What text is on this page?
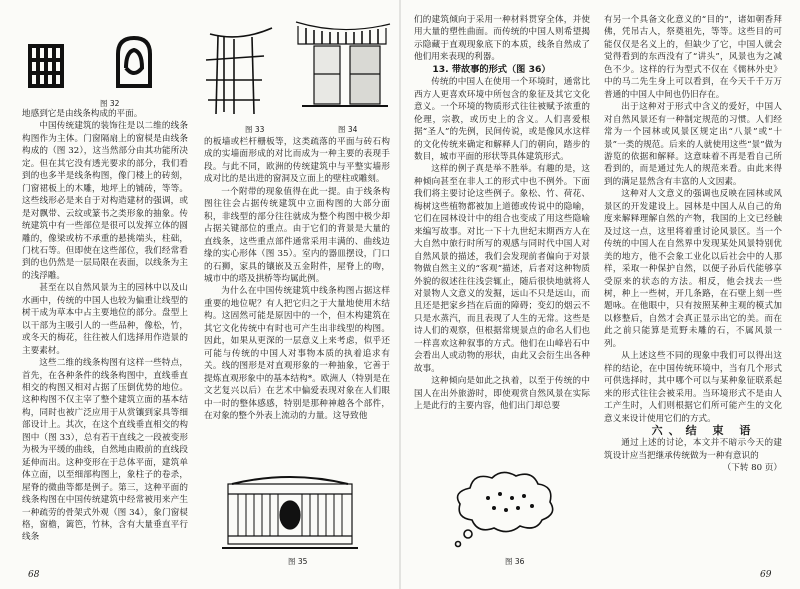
图 32
图 33	图 34

地感到它是由线条构成的平面。

中国传统建筑的装饰往是以二维的线条构图作为主体。门窗隔扇上的窗棂是由线条构成的（图 32），这当然部分由其功能所决定。但在其它没有透光要求的部分，我们看到的也多半是线条构图，像门楼上的砖刻，门窗裙板上的木雕，地坪上的铺砖，等等。这些线形必是来自于对构造建材的强调，或是对飘带、云纹或篆书之类形象的抽象。传统建筑中有一些部位是很可以发挥立体的圆雕的，像梁或枋不承重的悬挑端头，柱础，门枕石等。但即使在这些部位，我们经常看到的也仍然是一层局限在表面，以线条为主的浅浮雕。

甚至在以自然风景为主的园林中以及山水画中，传统的中国人也较为偏重让线型的树干成为草本中占主要地位的部分。盘型上以干部为主吸引人的一些品种，像松，竹，或冬天的梅花，往往被人们选择用作造景的主要素材。

这些二维的线条构图有这样一些特点，首先，在各种条件的线条构图中，直线垂直相交的构图又相对占据了压倒优势的地位。这种构图不仅主宰了整个建筑立面的基本结构，同时也被广泛应用于从赏镶到家具等细部设计上。其次，在这个直线垂直相交的构图中（图 33），总有若干直线之一段被变形为极为平缓的曲线，自然地由殿前的直线段延伸而出。这种变形在于总体平面，建筑单体立面，以至细部构图上，象柱子的卷杀，屋脊的微曲等都是例子。第三，这种平面的线条构图在中国传统建筑中经常被用来产生一种疏劳的骨架式外观（图 34），象门窗棂格，窗檐，篱笆，竹林，含有大量垂直平行线条

的板墙或栏杆栅板等，这类疏落的平面与砖石构成的实墙面形成的对比而成为一种主要的表现手段。与此不同，欧洲的传统建筑中与平整实墙形成对比的是出进的窗洞及立面上的壁柱或雕刻。

一个附带的现象值得在此一提。由于线条构图往往会占据传统建筑中立面构图的大部分面积，非线型的部分往往就成为整个构图中极少却占据关键部位的重点。由于它们的背景是大量的直线条，这些重点部件通常采用丰满的、曲线边缘的实心形体（图 35）。室内的器皿摆设，门口的石狮，家具的镶嵌及五金附件，屋脊上的吻，城市中的塔及拱桥等均属此例。

为什么在中国传统建筑中线条构图占据这样重要的地位呢？有人把它归之于大量地使用木结构。这固然可能是原因中的一个，但木构建筑在其它文化传统中有时也可产生出非线型的构图。因此，如果从更深的一层意义上来考虑，似乎还可能与传统的中国人对事物本质的执着追求有关。线的图形是对直观形象的一种抽象，它善于提炼直观形象中的基本结构*。欧洲人（特别是在文艺复兴以后）在艺术中偏爱表现对象在人们眼中一时的整体感感，特别是那种神越各个部件，在对象的整个外表上流动的力量。这导致他

图 35
68

们的建筑倾向于采用一种材料贯穿全体，并使用大量的塑性曲面。而传统的中国人则希望揭示隐藏于直观现象底下的本质，线条自然成了他们用来表现的利器。

13. 带故事的形式（图 36）

传统的中国人在使用一个环境时，通常比西方人更喜欢环境中所包含的象征及其它文化意义。一个环境的物质形式往往被赋予浓重的伦理，宗教，或历史上的含义。人们喜爱根据“圣人”的先例，民间传说，或是像风水这样的文化传统来确定和解释人门的朝向，踏步的数目，城市平面的形状等具体建筑形式。

这样的例子真是举不胜举。有趣的是，这种倾向甚至在非人工的形式中也不例外。下面我们将主要讨论这些例子。象松、竹、荷花、梅树这些植物都被加上道德或传说中的隐喻，它们在园林设计中的组合也变成了用这些隐喻来编写故事。对比一下十九世纪末期西方人在大自然中旅行时所写的观感与同时代中国人对自然风景的描述，我们会发现前者偏向于对景物做自然主义的“客观”描述，后者对这种物质外貌的叙述往往浅尝辄止，随后很快地就将人对景物人文意义的发掘，远山不只是远山，而且还是把家乡挡在后面的障碍；变幻的烟云不只是水蒸汽，而且表现了人生的无常。这些是诗人们的观察，但根据常规景点的命名人们也一样喜欢这种叙事的方式。他们在山峰岩石中会看出人或动物的形状，由此又会衍生出各种故事。

这种倾向是如此之执着，以至于传统的中国人在出外旅游时，即使观赏自然风景在实际上是此行的主要内容，他们出门却总要

图 36

有另一个具备文化意义的“目的”，诸如朝香拜佛，凭吊古人，祭奠祖先，等等。这些目的可能仅仅是名义上的，但缺少了它，中国人就会觉得看到的东西没有了“讲头”，风景也为之减色不少。这样的行为型式不仅在《儒林外史》中的马二先生身上可以看到，在今天千千万万普通的中国人中间也仍旧存在。

出于这种对于形式中含义的爱好，中国人对自然风景还有一种制定规范的习惯。人们经常为一个园林或风景区规定出“八景”或“十景”一类的规范。后来的人就使用这些“景”做为游览的依据和解释。这意味着不再是看自己所看到的，而是通过先人的规范来看。由此来得到的满足显然含有丰富的人文因素。

这种对人文意义的强调也反映在园林或风景区的开发建设上。园林是中国人从自己的角度来解释理解自然的产物，我国的上文已经触及过这一点，这里将着重讨论风景区。当一个传统的中国人在自然界中发现某处风景特别优美的地方，他不会象工业化以后社会中的人那样，采取一种保护自然，以便子孙后代能够享受原来的状态的方法。相反，他会找去一些树，种上一些树，开几条路，在石壁上刻一些题咏。在他眼中，只有按照某种主观的模式加以修整后，自然才会真正显示出它的美。而在此之前只能算是荒野未雕的石，不属风景一列。

从上述这些不同的现象中我们可以得出这样的结论，在中国传统环境中，当有几个形式可供选择时，其中哪个可以与某种象征联系起来的形式往往会被采用。当环境形式不是由人工产生时，人们则根据它们所可能产生的文化意义来设计使用它们的方式。

六、结 束 语

通过上述的讨论，本文并不暗示今天的建筑设计应当把继承传统做为一种有意识的

（下转 80 页）

69
